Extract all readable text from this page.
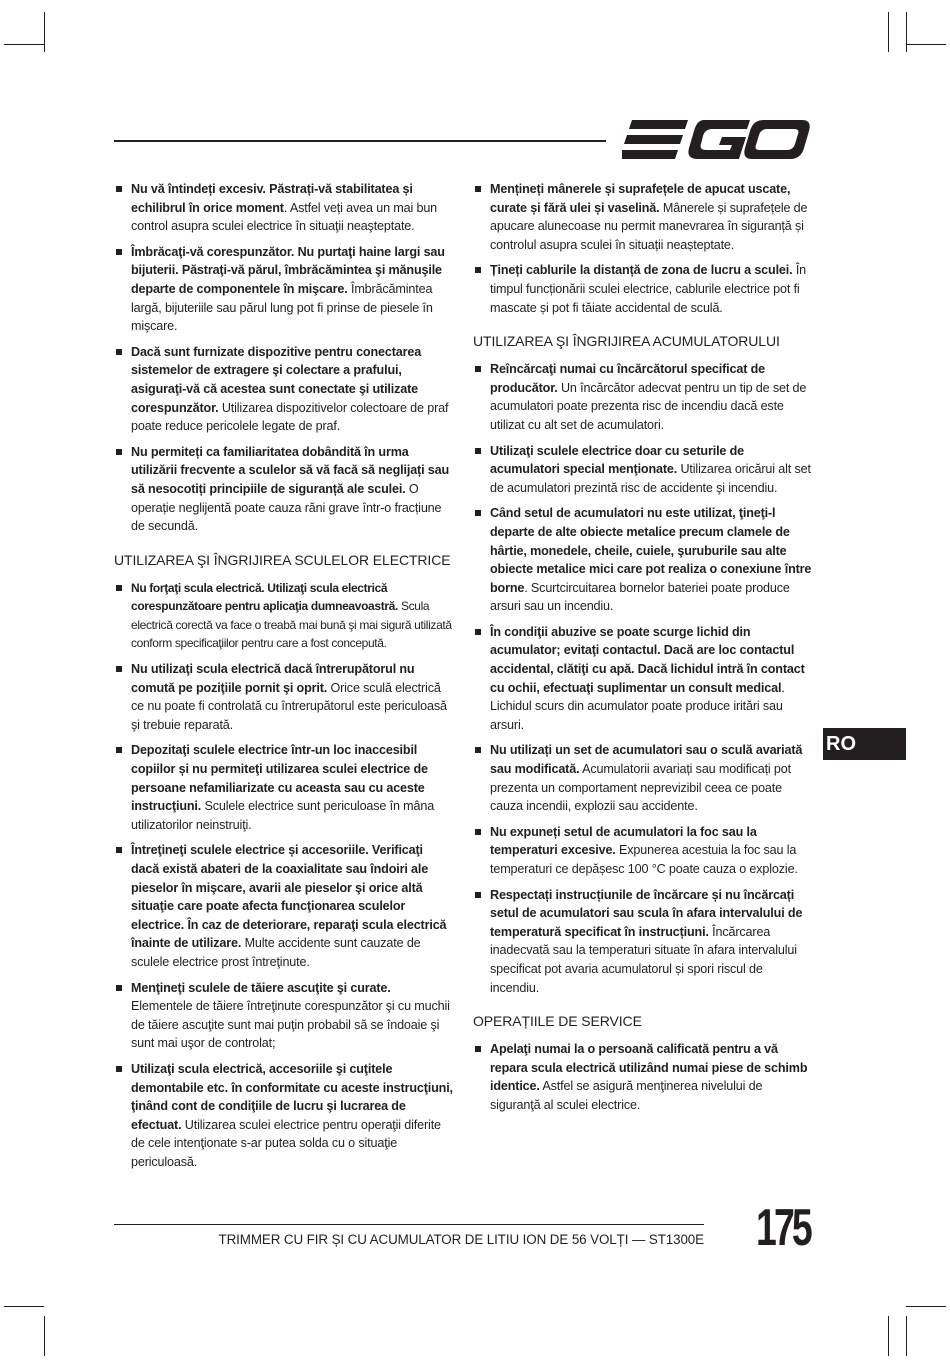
Nu vă întindeți excesiv. Păstrați-vă stabilitatea și echilibrul în orice moment. Astfel veți avea un mai bun control asupra sculei electrice în situaţii neaşteptate.
Îmbrăcaţi-vă corespunzător. Nu purtaţi haine largi sau bijuterii. Păstraţi-vă părul, îmbrăcămintea şi mănuşile departe de componentele în mişcare. Îmbrăcămintea largă, bijuteriile sau părul lung pot fi prinse de piesele în mişcare.
Dacă sunt furnizate dispozitive pentru conectarea sistemelor de extragere şi colectare a prafului, asiguraţi-vă că acestea sunt conectate şi utilizate corespunzător. Utilizarea dispozitivelor colectoare de praf poate reduce pericolele legate de praf.
Nu permiteți ca familiaritatea dobândită în urma utilizării frecvente a sculelor să vă facă să neglijați sau să nesocotiți principiile de siguranță ale sculei. O operație neglijentă poate cauza răni grave într-o fracțiune de secundă.
UTILIZAREA ŞI ÎNGRIJIREA SCULELOR ELECTRICE
Nu forţaţi scula electrică. Utilizaţi scula electrică corespunzătoare pentru aplicaţia dumneavoastră. Scula electrică corectă va face o treabă mai bună şi mai sigură utilizată conform specificaţiilor pentru care a fost concepută.
Nu utilizaţi scula electrică dacă întrerupătorul nu comută pe poziţiile pornit şi oprit. Orice sculă electrică ce nu poate fi controlată cu întrerupătorul este periculoasă şi trebuie reparată.
Depozitaţi sculele electrice într-un loc inaccesibil copiilor și nu permiteţi utilizarea sculei electrice de persoane nefamiliarizate cu aceasta sau cu aceste instrucţiuni. Sculele electrice sunt periculoase în mâna utilizatorilor neinstruiţi.
Întreţineţi sculele electrice și accesoriile. Verificaţi dacă există abateri de la coaxialitate sau îndoiri ale pieselor în mişcare, avarii ale pieselor şi orice altă situaţie care poate afecta funcţionarea sculelor electrice. În caz de deteriorare, reparaţi scula electrică înainte de utilizare. Multe accidente sunt cauzate de sculele electrice prost întreţinute.
Menţineţi sculele de tăiere ascuţite şi curate. Elementele de tăiere întreţinute corespunzător şi cu muchii de tăiere ascuţite sunt mai puţin probabil să se îndoaie şi sunt mai uşor de controlat;
Utilizaţi scula electrică, accesoriile şi cuţitele demontabile etc. în conformitate cu aceste instrucţiuni, ţinând cont de condiţiile de lucru şi lucrarea de efectuat. Utilizarea sculei electrice pentru operaţii diferite de cele intenţionate s-ar putea solda cu o situaţie periculoasă.
Mențineți mânerele și suprafețele de apucat uscate, curate și fără ulei și vaselină. Mânerele și suprafețele de apucare alunecoase nu permit manevrarea în siguranță și controlul asupra sculei în situații neașteptate.
Țineți cablurile la distanță de zona de lucru a sculei. În timpul funcționării sculei electrice, cablurile electrice pot fi mascate și pot fi tăiate accidental de sculă.
UTILIZAREA ŞI ÎNGRIJIREA ACUMULATORULUI
Reîncărcaţi numai cu încărcătorul specificat de producător. Un încărcător adecvat pentru un tip de set de acumulatori poate prezenta risc de incendiu dacă este utilizat cu alt set de acumulatori.
Utilizaţi sculele electrice doar cu seturile de acumulatori special menţionate. Utilizarea oricărui alt set de acumulatori prezintă risc de accidente şi incendiu.
Când setul de acumulatori nu este utilizat, ţineţi-l departe de alte obiecte metalice precum clamele de hârtie, monedele, cheile, cuiele, şuruburile sau alte obiecte metalice mici care pot realiza o conexiune între borne. Scurtcircuitarea bornelor bateriei poate produce arsuri sau un incendiu.
În condiţii abuzive se poate scurge lichid din acumulator; evitaţi contactul. Dacă are loc contactul accidental, clătiţi cu apă. Dacă lichidul intră în contact cu ochii, efectuaţi suplimentar un consult medical. Lichidul scurs din acumulator poate produce iritări sau arsuri.
Nu utilizați un set de acumulatori sau o sculă avariată sau modificată. Acumulatorii avariați sau modificați pot prezenta un comportament neprevizibil ceea ce poate cauza incendii, explozii sau accidente.
Nu expuneți setul de acumulatori la foc sau la temperaturi excesive. Expunerea acestuia la foc sau la temperaturi ce depășesc 100 °C poate cauza o explozie.
Respectați instrucțiunile de încărcare și nu încărcați setul de acumulatori sau scula în afara intervalului de temperatură specificat în instrucțiuni. Încărcarea inadecvată sau la temperaturi situate în afara intervalului specificat pot avaria acumulatorul și spori riscul de incendiu.
OPERAȚIILE DE SERVICE
Apelaţi numai la o persoană calificată pentru a vă repara scula electrică utilizând numai piese de schimb identice. Astfel se asigură menţinerea nivelului de siguranţă al sculei electrice.
RO
TRIMMER CU FIR ȘI CU ACUMULATOR DE LITIU ION DE 56 VOLȚI — ST1300E 175
